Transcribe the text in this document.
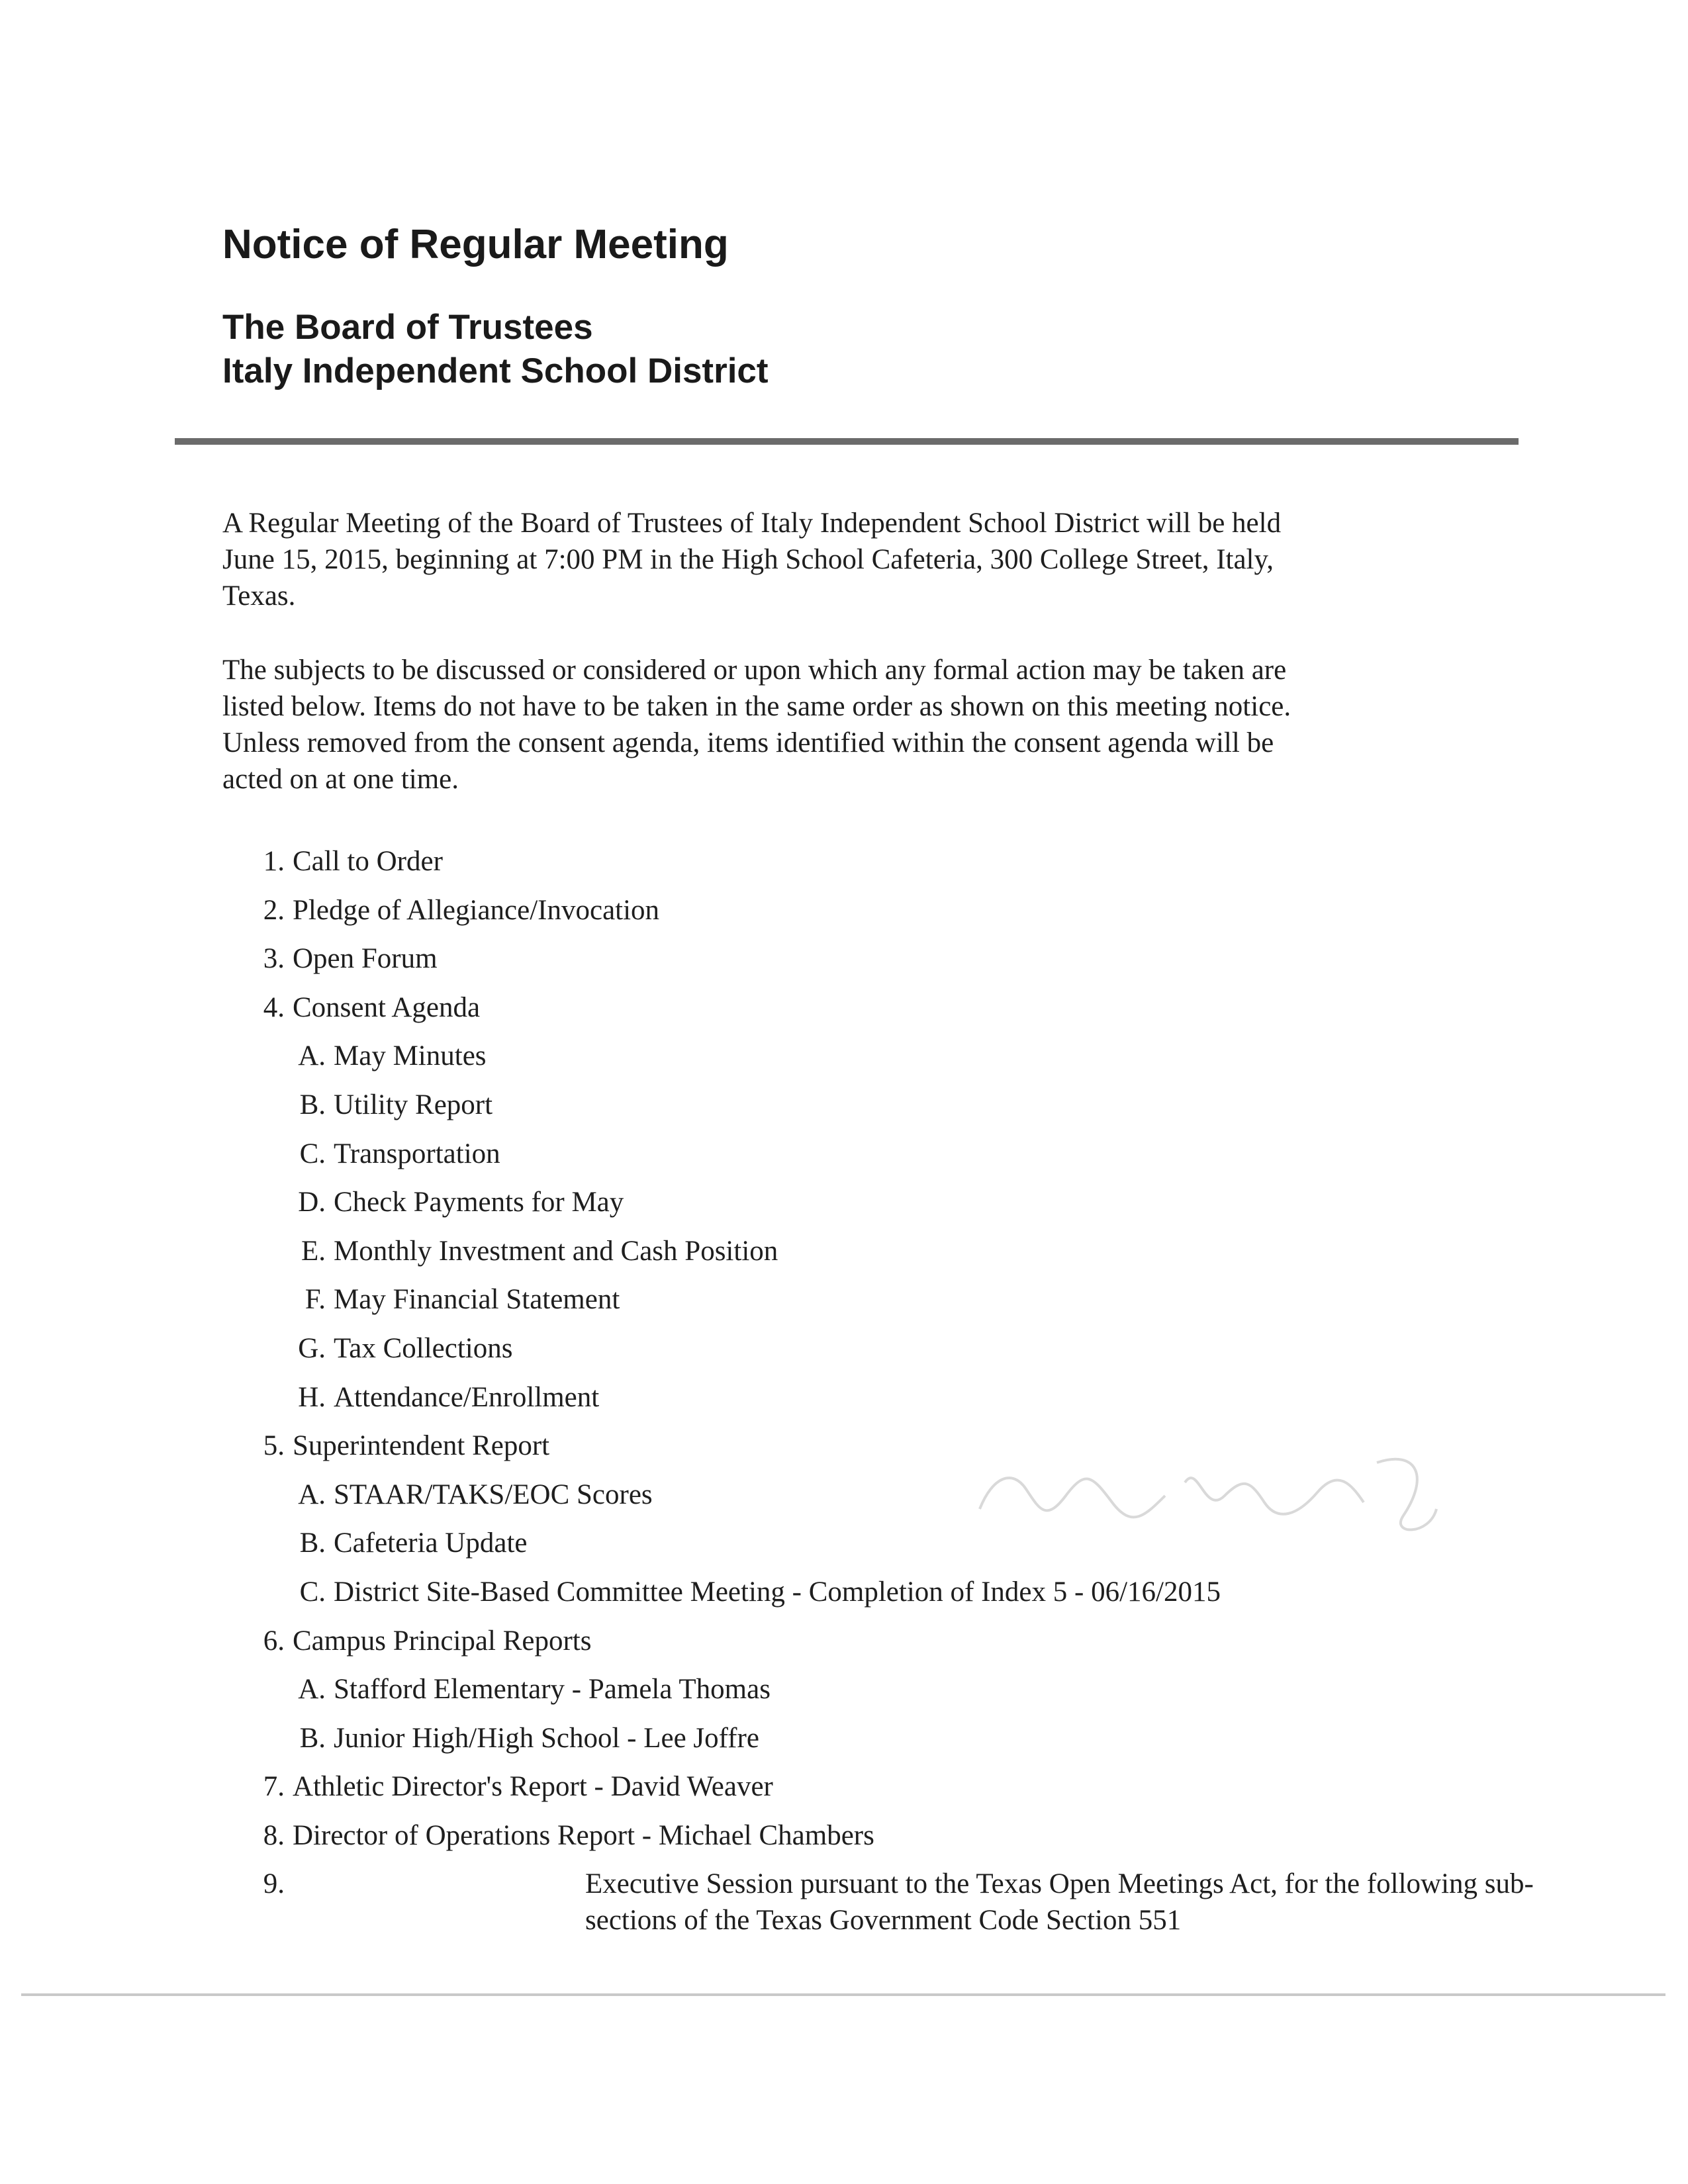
Notice of Regular Meeting
The Board of Trustees
Italy Independent School District

A Regular Meeting of the Board of Trustees of Italy Independent School District will be held
June 15, 2015, beginning at 7:00 PM in the High School Cafeteria, 300 College Street, Italy,
Texas.

The subjects to be discussed or considered or upon which any formal action may be taken are
listed below. Items do not have to be taken in the same order as shown on this meeting notice.
Unless removed from the consent agenda, items identified within the consent agenda will be
acted on at one time.

1. Call to Order
2. Pledge of Allegiance/Invocation
3. Open Forum
4. Consent Agenda
A. May Minutes
B. Utility Report
C. Transportation
D. Check Payments for May
E. Monthly Investment and Cash Position
F. May Financial Statement
G. Tax Collections
H. Attendance/Enrollment
5. Superintendent Report
A. STAAR/TAKS/EOC Scores
B. Cafeteria Update
C. District Site-Based Committee Meeting - Completion of Index 5 - 06/16/2015
6. Campus Principal Reports
A. Stafford Elementary - Pamela Thomas
B. Junior High/High School - Lee Joffre
7. Athletic Director's Report - David Weaver
8. Director of Operations Report - Michael Chambers
9.	Executive Session pursuant to the Texas Open Meetings Act, for the following sub-
sections of the Texas Government Code Section 551
